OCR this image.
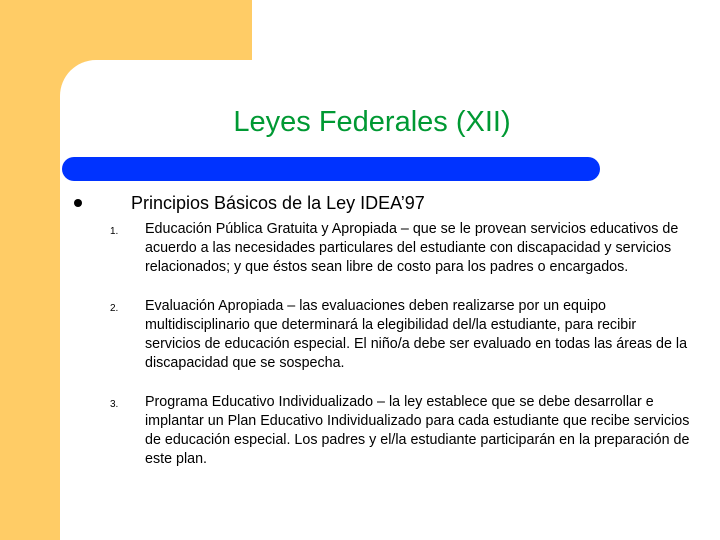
Leyes Federales (XII)

Principios Básicos de la Ley IDEA’97

1.	Educación Pública Gratuita y Apropiada – que se le provean servicios educativos de acuerdo a las necesidades particulares del estudiante con discapacidad y servicios relacionados; y que éstos sean libre de costo para los padres o encargados.
2.	Evaluación Apropiada – las evaluaciones deben realizarse por un equipo multidisciplinario que determinará la elegibilidad del/la estudiante, para recibir servicios de educación especial. El niño/a debe ser evaluado en todas las áreas de la discapacidad que se sospecha.
3.	Programa Educativo Individualizado – la ley establece que se debe desarrollar e implantar un Plan Educativo Individualizado para cada estudiante que recibe servicios de educación especial. Los padres y el/la estudiante participarán en la preparación de este plan.
